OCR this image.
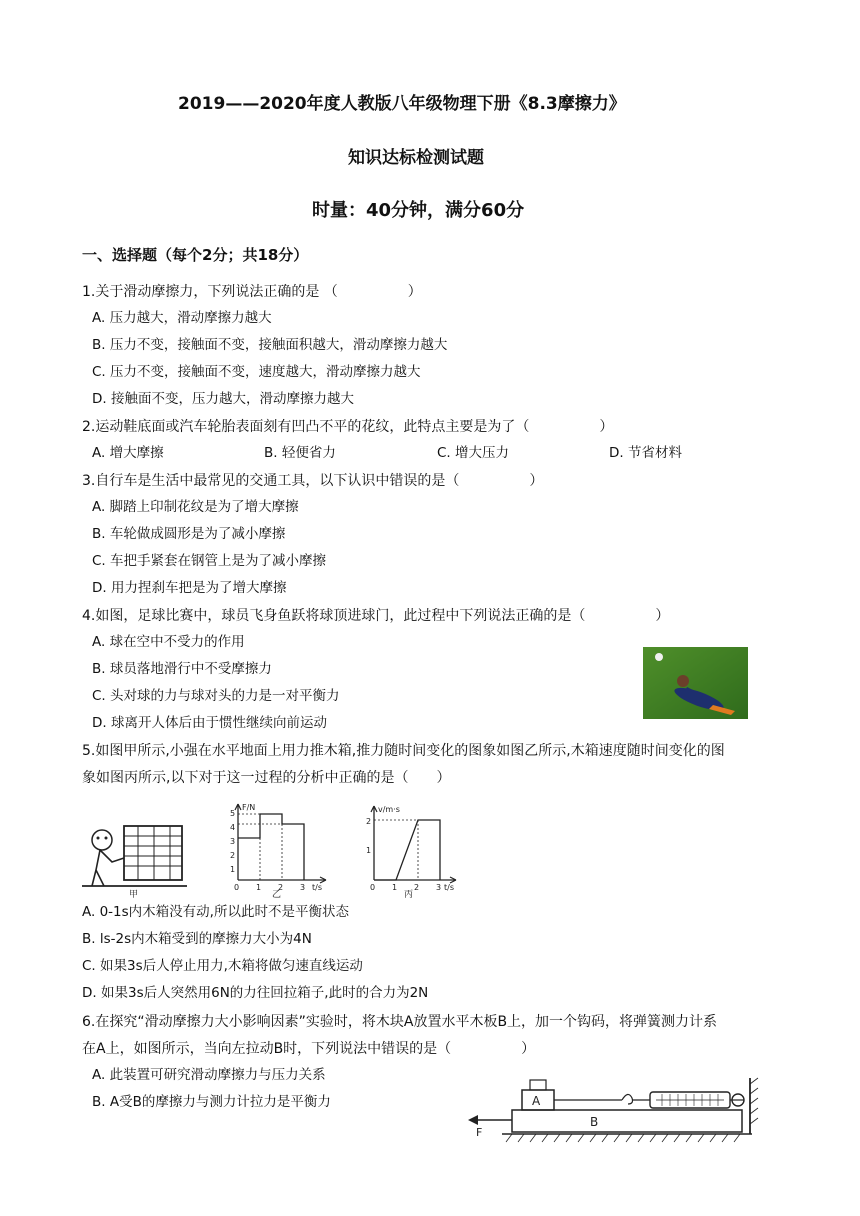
2019——2020年度人教版八年级物理下册《8.3摩擦力》
知识达标检测试题
时量：40分钟，满分60分
一、选择题（每个2分；共18分）
1.关于滑动摩擦力，下列说法正确的是 （　　　　　）
A. 压力越大，滑动摩擦力越大
B. 压力不变，接触面不变，接触面积越大，滑动摩擦力越大
C. 压力不变，接触面不变，速度越大，滑动摩擦力越大
D. 接触面不变，压力越大，滑动摩擦力越大
2.运动鞋底面或汽车轮胎表面刻有凹凸不平的花纹，此特点主要是为了（　　　　　）
A. 增大摩擦	B. 轻便省力	C. 增大压力	D. 节省材料
3.自行车是生活中最常见的交通工具，以下认识中错误的是（　　　　　）
A. 脚踏上印制花纹是为了增大摩擦
B. 车轮做成圆形是为了减小摩擦
C. 车把手紧套在钢管上是为了减小摩擦
D. 用力捏刹车把是为了增大摩擦
4.如图，足球比赛中，球员飞身鱼跃将球顶进球门，此过程中下列说法正确的是（　　　　　）
A. 球在空中不受力的作用
B. 球员落地滑行中不受摩擦力
C. 头对球的力与球对头的力是一对平衡力
D. 球离开人体后由于惯性继续向前运动
5.如图甲所示,小强在水平地面上用力推木箱,推力随时间变化的图象如图乙所示,木箱速度随时间变化的图
象如图丙所示,以下对于这一过程的分析中正确的是（　　）
甲
F/N
t/s
1
2
3
4
5
0 1 2 3
乙
v/m·s
t/s
1
2
0 1 2 3
丙
A. 0-1s内木箱没有动,所以此时不是平衡状态
B. ls-2s内木箱受到的摩擦力大小为4N
C. 如果3s后人停止用力,木箱将做匀速直线运动
D. 如果3s后人突然用6N的力往回拉箱子,此时的合力为2N
6.在探究“滑动摩擦力大小影响因素”实验时，将木块A放置水平木板B上，加一个钩码，将弹簧测力计系
在A上，如图所示，当向左拉动B时，下列说法中错误的是（　　　　　）
A. 此装置可研究滑动摩擦力与压力关系
B. A受B的摩擦力与测力计拉力是平衡力
B
A
F
